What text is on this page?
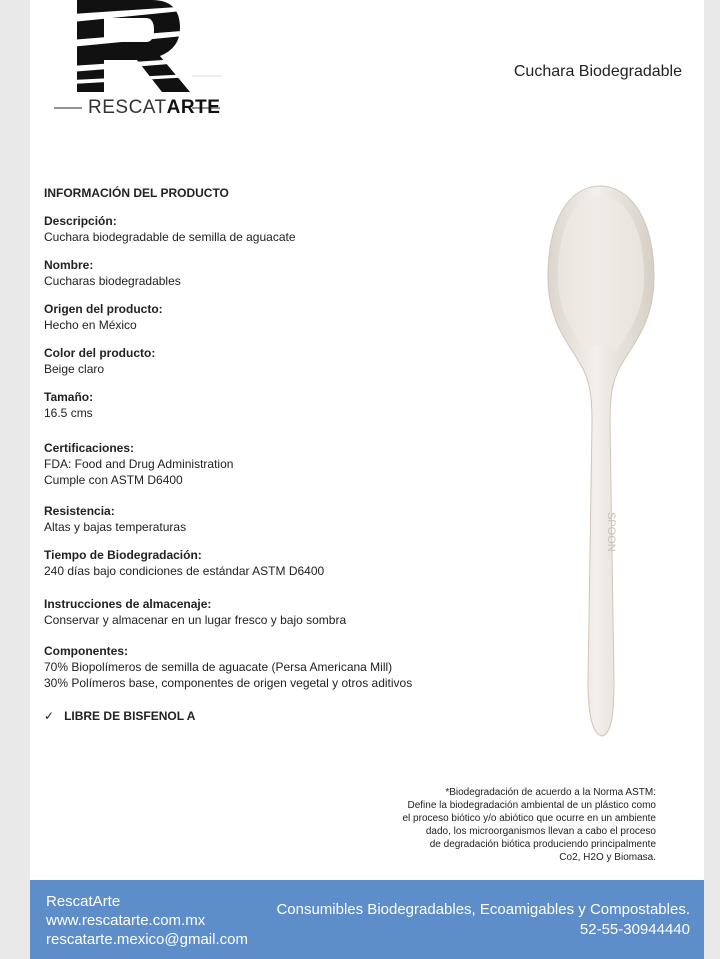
RESCATARTE
Cuchara Biodegradable
INFORMACIÓN DEL PRODUCTO
Descripción:
Cuchara biodegradable de semilla de aguacate
Nombre:
Cucharas biodegradables
Origen del producto:
Hecho en México
Color del producto:
Beige claro
Tamaño:
16.5 cms
Certificaciones:
FDA: Food and Drug Administration
Cumple con ASTM D6400
Resistencia:
Altas y bajas temperaturas
Tiempo de Biodegradación:
240 días bajo condiciones de estándar ASTM D6400
Instrucciones de almacenaje:
Conservar y almacenar en un lugar fresco y bajo sombra
Componentes:
70% Biopolímeros de semilla de aguacate (Persa Americana Mill)
30% Polímeros base, componentes de origen vegetal y otros aditivos
✓ LIBRE DE BISFENOL A
SPOON
*Biodegradación de acuerdo a la Norma ASTM:
Define la biodegradación ambiental de un plástico como
el proceso biótico y/o abiótico que ocurre en un ambiente
dado, los microorganismos llevan a cabo el proceso
de degradación biótica produciendo principalmente
Co2, H2O y Biomasa.
RescatArte
www.rescatarte.com.mx
rescatarte.mexico@gmail.com
Consumibles Biodegradables, Ecoamigables y Compostables.
52-55-30944440
